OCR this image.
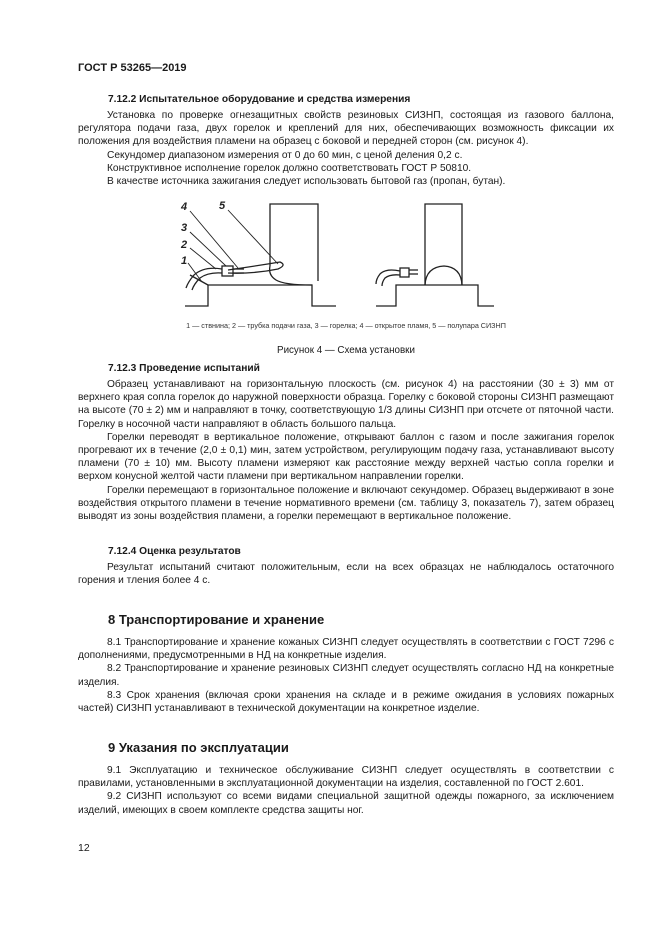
ГОСТ Р 53265—2019
7.12.2 Испытательное оборудование и средства измерения

Установка по проверке огнезащитных свойств резиновых СИЗНП, состоящая из газового баллона, регулятора подачи газа, двух горелок и креплений для них, обеспечивающих возможность фиксации их положения для воздействия пламени на образец с боковой и передней сторон (см. рисунок 4).

Секундомер диапазоном измерения от 0 до 60 мин, с ценой деления 0,2 с.

Конструктивное исполнение горелок должно соответствовать ГОСТ Р 50810.

В качестве источника зажигания следует использовать бытовой газ (пропан, бутан).

4	5
3
2
1
1 — ствнина; 2 — трубка подачи газа, 3 — горелка; 4 — открытое пламя, 5 — полупара СИЗНП
Рисунок 4 — Схема установки
7.12.3 Проведение испытаний

Образец устанавливают на горизонтальную плоскость (см. рисунок 4) на расстоянии (30 ± 3) мм от верхнего края сопла горелок до наружной поверхности образца. Горелку с боковой стороны СИЗНП размещают на высоте (70 ± 2) мм и направляют в точку, соответствующую 1/3 длины СИЗНП при отсчете от пяточной части. Горелку в носочной части направляют в область большого пальца.

Горелки переводят в вертикальное положение, открывают баллон с газом и после зажигания горелок прогревают их в течение (2,0 ± 0,1) мин, затем устройством, регулирующим подачу газа, устанавливают высоту пламени (70 ± 10) мм. Высоту пламени измеряют как расстояние между верхней частью сопла горелки и верхом конусной желтой части пламени при вертикальном направлении горелки.

Горелки перемещают в горизонтальное положение и включают секундомер. Образец выдерживают в зоне воздействия открытого пламени в течение нормативного времени (см. таблицу 3, показатель 7), затем образец выводят из зоны воздействия пламени, а горелки перемещают в вертикальное положение.

7.12.4 Оценка результатов

Результат испытаний считают положительным, если на всех образцах не наблюдалось остаточного горения и тления более 4 с.

8 Транспортирование и хранение

8.1 Транспортирование и хранение кожаных СИЗНП следует осуществлять в соответствии с ГОСТ 7296 с дополнениями, предусмотренными в НД на конкретные изделия.

8.2 Транспортирование и хранение резиновых СИЗНП следует осуществлять согласно НД на конкретные изделия.

8.3 Срок хранения (включая сроки хранения на складе и в режиме ожидания в условиях пожарных частей) СИЗНП устанавливают в технической документации на конкретное изделие.

9 Указания по эксплуатации

9.1 Эксплуатацию и техническое обслуживание СИЗНП следует осуществлять в соответствии с правилами, установленными в эксплуатационной документации на изделия, составленной по ГОСТ 2.601.

9.2 СИЗНП используют со всеми видами специальной защитной одежды пожарного, за исключением изделий, имеющих в своем комплекте средства защиты ног.

12
